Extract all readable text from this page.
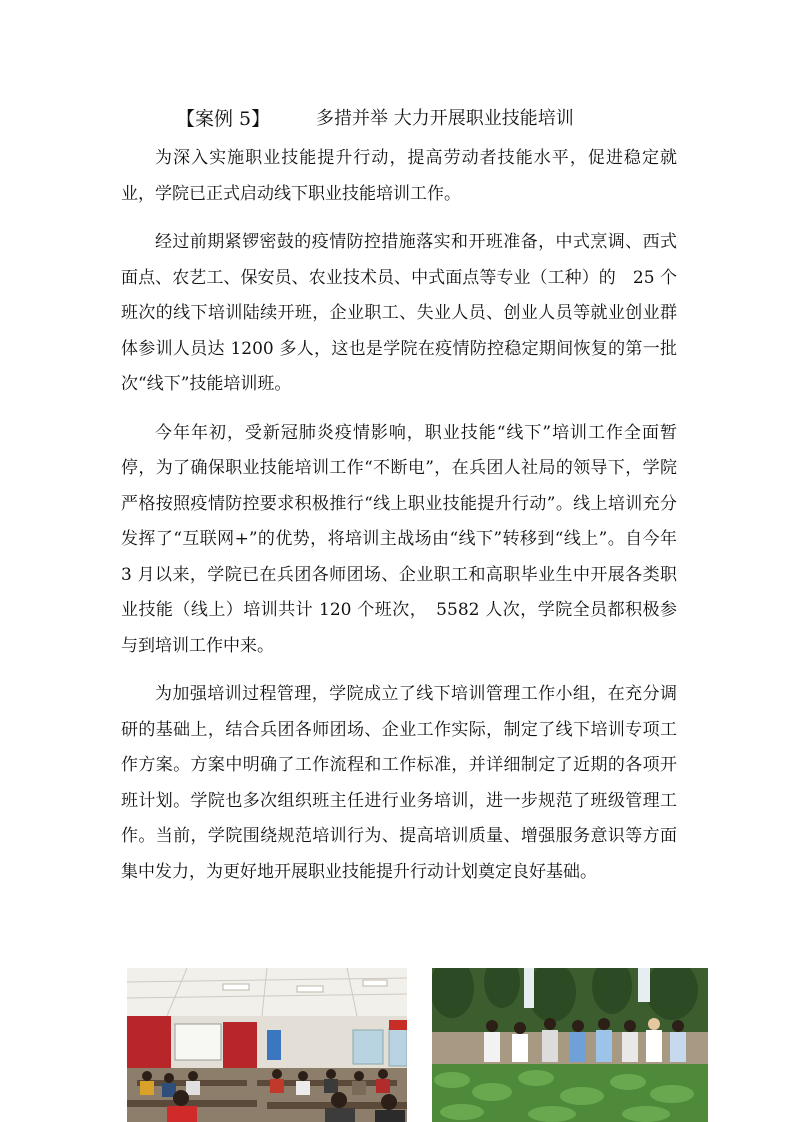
【案例 5】	多措并举 大力开展职业技能培训

为深入实施职业技能提升行动，提高劳动者技能水平，促进稳定就业，学院已正式启动线下职业技能培训工作。

经过前期紧锣密鼓的疫情防控措施落实和开班准备，中式烹调、西式面点、农艺工、保安员、农业技术员、中式面点等专业（工种）的　25 个班次的线下培训陆续开班，企业职工、失业人员、创业人员等就业创业群体参训人员达 1200 多人，这也是学院在疫情防控稳定期间恢复的第一批次“线下”技能培训班。

今年年初，受新冠肺炎疫情影响，职业技能“线下”培训工作全面暂停，为了确保职业技能培训工作“不断电”，在兵团人社局的领导下，学院严格按照疫情防控要求积极推行“线上职业技能提升行动”。线上培训充分发挥了“互联网+”的优势，将培训主战场由“线下”转移到“线上”。自今年 3 月以来，学院已在兵团各师团场、企业职工和高职毕业生中开展各类职业技能（线上）培训共计 120 个班次，　5582 人次，学院全员都积极参与到培训工作中来。

为加强培训过程管理，学院成立了线下培训管理工作小组，在充分调研的基础上，结合兵团各师团场、企业工作实际，制定了线下培训专项工作方案。方案中明确了工作流程和工作标准，并详细制定了近期的各项开班计划。学院也多次组织班主任进行业务培训，进一步规范了班级管理工作。当前，学院围绕规范培训行为、提高培训质量、增强服务意识等方面集中发力，为更好地开展职业技能提升行动计划奠定良好基础。
